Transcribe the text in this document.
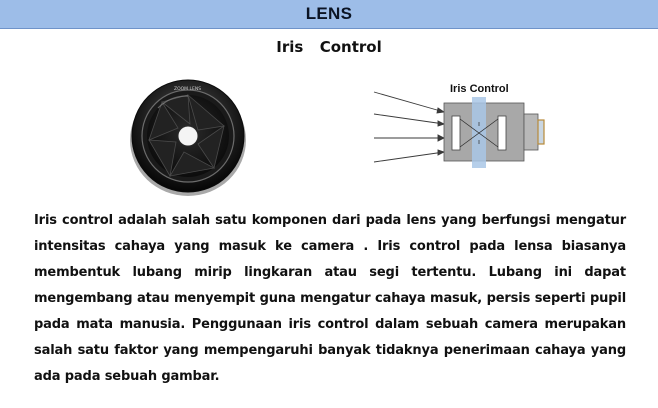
LENS
Iris  Control
ZOOM LENS	Iris Control

Iris control adalah salah satu komponen dari pada lens yang berfungsi mengatur intensitas cahaya yang masuk ke camera . Iris control pada lensa biasanya membentuk lubang mirip lingkaran atau segi tertentu. Lubang ini dapat mengembang atau menyempit guna mengatur cahaya masuk, persis seperti pupil pada mata manusia. Penggunaan iris control dalam sebuah camera merupakan salah satu faktor yang mempengaruhi banyak tidaknya penerimaan cahaya yang ada pada sebuah gambar.
